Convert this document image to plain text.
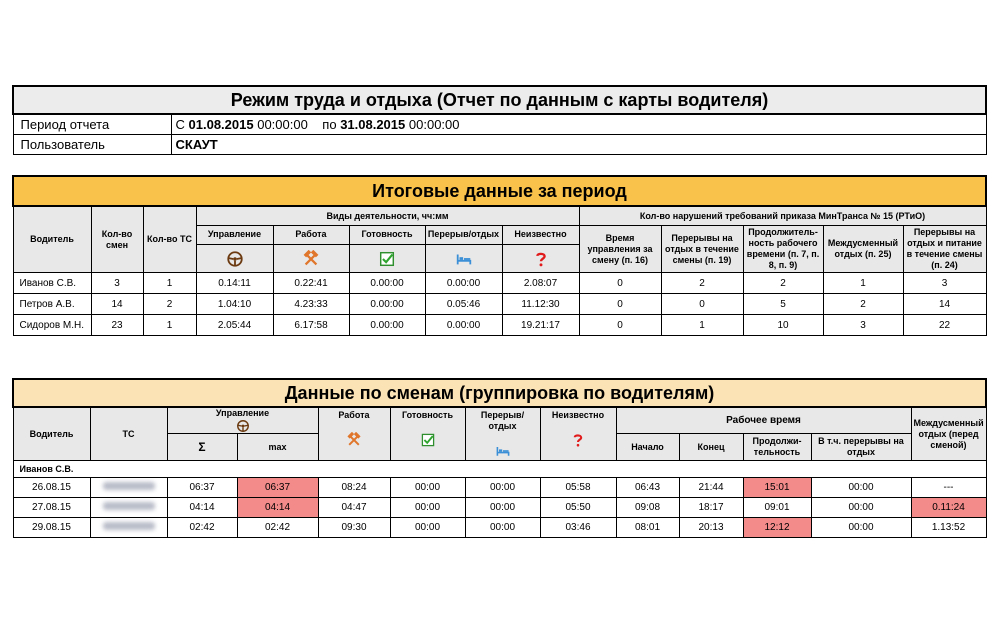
Режим труда и отдыха (Отчет по данным с карты водителя)	
Период отчета	С 01.08.2015 00:00:00 по 31.08.2015 00:00:00
Пользователь	СКАУТ
Итоговые данные за период												
Водитель	Кол-во смен	Кол-во ТС	Виды деятельности, чч:мм					Кол-во нарушений требований приказа МинТранса № 15 (РТиО)				
			Управление	Работа	Готовность	Перерыв/отдых	Неизвестно	Время управления за смену (п. 16)	Перерывы на отдых в течение смены (п. 19)	Продолжитель-ность рабочего времени (п. 7, п. 8, п. 9)	Междусменный отдых (п. 25)	Перерывы на отдых и питание в течение смены (п. 24)

Иванов С.В.	3	1	0.14:11	0.22:41	0.00:00	0.00:00	2.08:07	0	2	2	1	3
Петров А.В.	14	2	1.04:10	4.23:33	0.00:00	0.05:46	11.12:30	0	0	5	2	14
Сидоров М.Н.	23	1	2.05:44	6.17:58	0.00:00	0.00:00	19.21:17	0	1	10	3	22
Данные по сменам (группировка по водителям)												
Водитель	ТС	Управление		Работа	Готовность	Перерыв/отдых	Неизвестно	Рабочее время				Междусменный отдых (перед сменой)
		Σ	max					Начало	Конец	Продолжи-тельность	В т.ч. перерывы на отдых	
Иванов С.В.												
26.08.15		06:37	06:37	08:24	00:00	00:00	05:58	06:43	21:44	15:01	00:00	---
27.08.15		04:14	04:14	04:47	00:00	00:00	05:50	09:08	18:17	09:01	00:00	0.11:24
29.08.15		02:42	02:42	09:30	00:00	00:00	03:46	08:01	20:13	12:12	00:00	1.13:52
